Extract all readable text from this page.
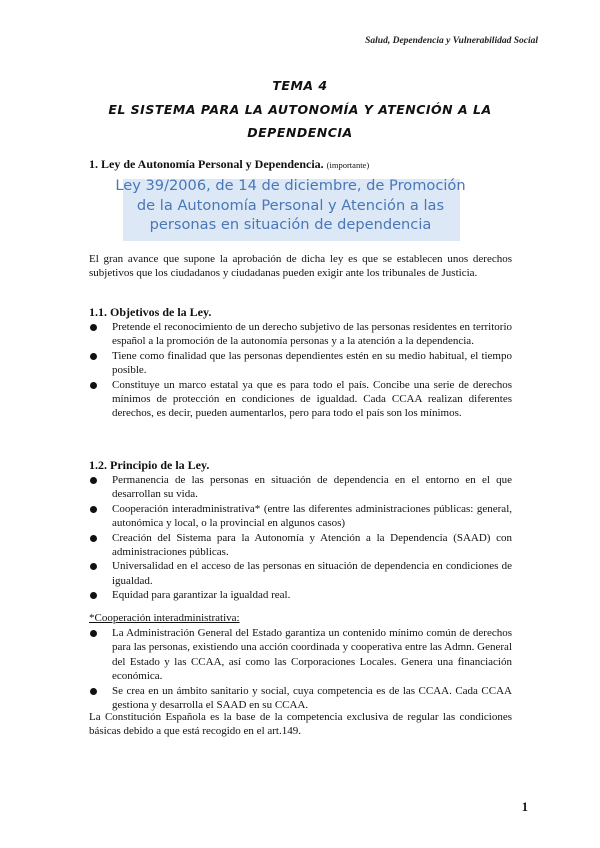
Salud, Dependencia y Vulnerabilidad Social
TEMA 4
EL SISTEMA PARA LA AUTONOMÍA Y ATENCIÓN A LA
DEPENDENCIA
1. Ley de Autonomía Personal y Dependencia. (importante)
Ley 39/2006, de 14 de diciembre, de Promoción
de la Autonomía Personal y Atención a las
personas en situación de dependencia
El gran avance que supone la aprobación de dicha ley es que se establecen unos derechos subjetivos que los ciudadanos y ciudadanas pueden exigir ante los tribunales de Justicia.
1.1. Objetivos de la Ley.
Pretende el reconocimiento de un derecho subjetivo de las personas residentes en territorio español a la promoción de la autonomía personas y a la atención a la dependencia.
Tiene como finalidad que las personas dependientes estén en su medio habitual, el tiempo posible.
Constituye un marco estatal ya que es para todo el país. Concibe una serie de derechos mínimos de protección en condiciones de igualdad. Cada CCAA realizan diferentes derechos, es decir, pueden aumentarlos, pero para todo el país son los mínimos.
1.2. Principio de la Ley.
Permanencia de las personas en situación de dependencia en el entorno en el que desarrollan su vida.
Cooperación interadministrativa* (entre las diferentes administraciones públicas: general, autonómica y local, o la provincial en algunos casos)
Creación del Sistema para la Autonomía y Atención a la Dependencia (SAAD) con administraciones públicas.
Universalidad en el acceso de las personas en situación de dependencia en condiciones de igualdad.
Equidad para garantizar la igualdad real.
*Cooperación interadministrativa:
La Administración General del Estado garantiza un contenido mínimo común de derechos para las personas, existiendo una acción coordinada y cooperativa entre las Admn. General del Estado y las CCAA, así como las Corporaciones Locales. Genera una financiación económica.
Se crea en un ámbito sanitario y social, cuya competencia es de las CCAA. Cada CCAA gestiona y desarrolla el SAAD en su CCAA.
La Constitución Española es la base de la competencia exclusiva de regular las condiciones básicas debido a que está recogido en el art.149.
1
